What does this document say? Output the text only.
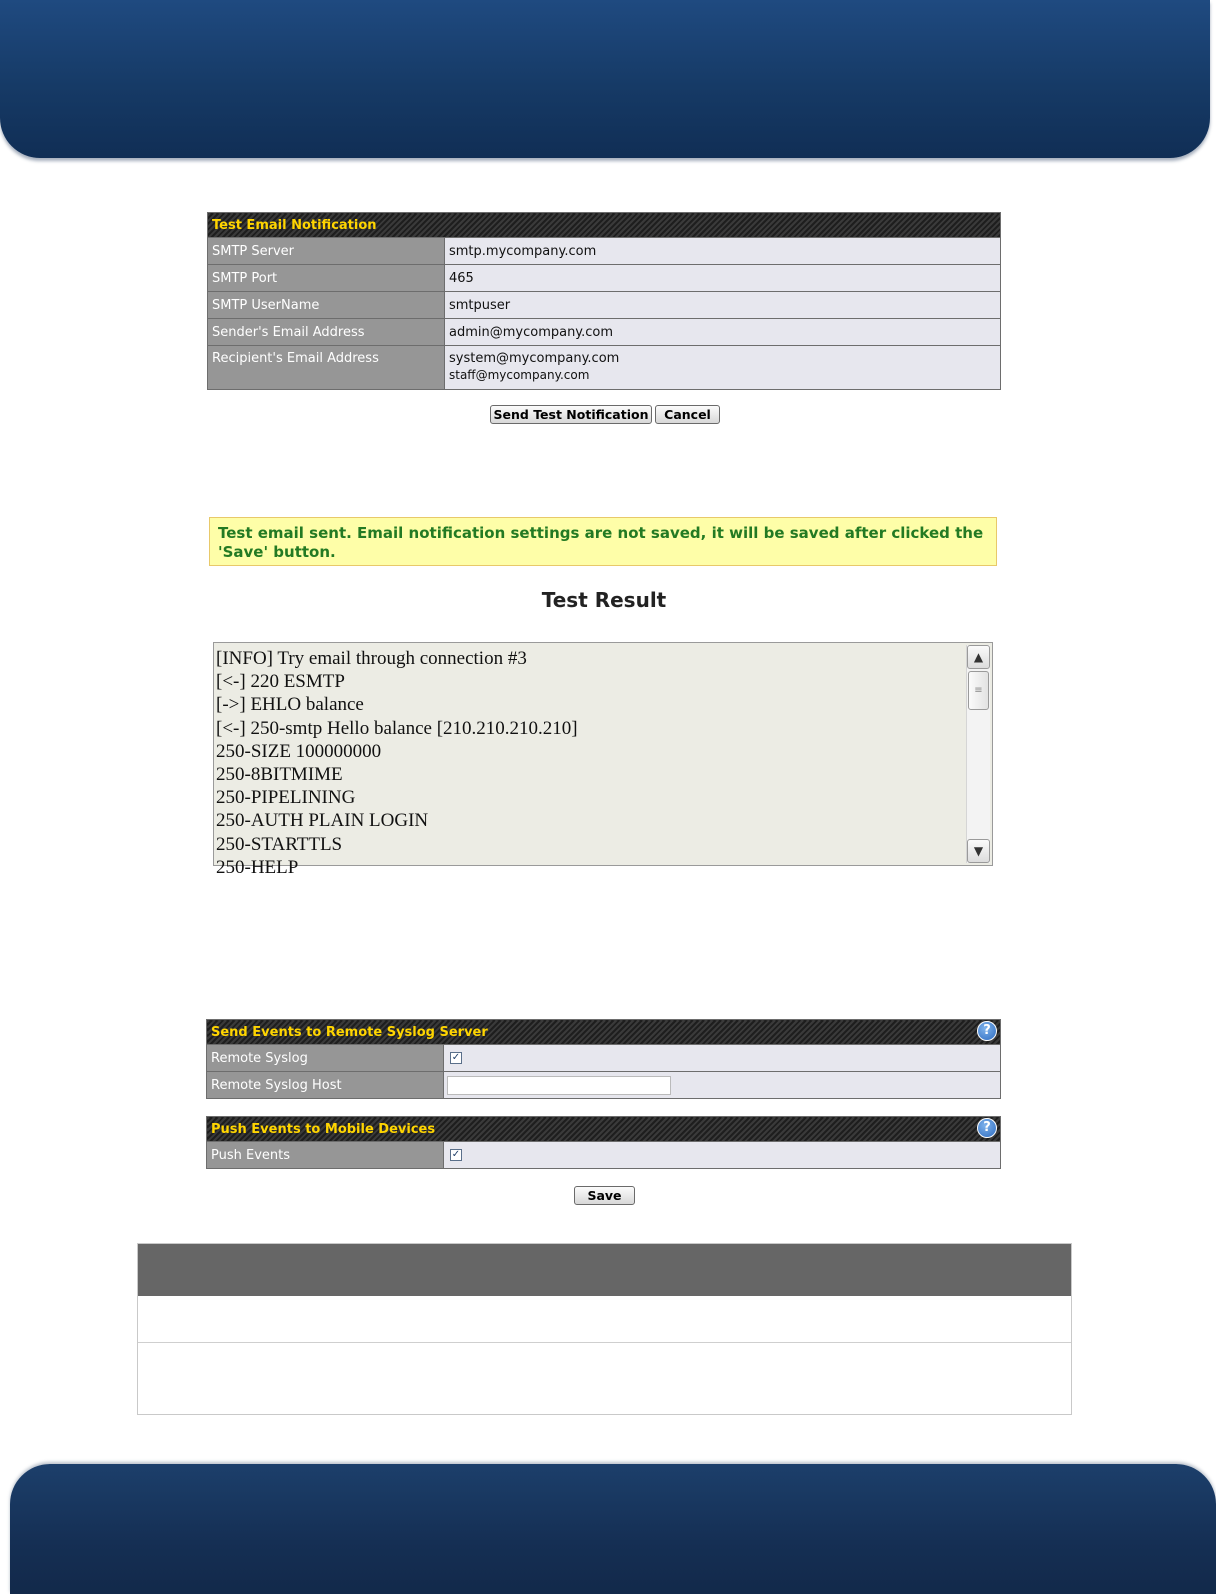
Test Email Notification	
SMTP Server	smtp.mycompany.com
SMTP Port	465
SMTP UserName	smtpuser
Sender's Email Address	admin@mycompany.com
Recipient's Email Address	system@mycompany.com
staff@mycompany.com
Send Test Notification	Cancel
Test email sent. Email notification settings are not saved, it will be saved after clicked the 'Save' button.
Test Result
[INFO] Try email through connection #3
[<-] 220 ESMTP
[->] EHLO balance
[<-] 250-smtp Hello balance [210.210.210.210]
250-SIZE 100000000
250-8BITMIME
250-PIPELINING
250-AUTH PLAIN LOGIN
250-STARTTLS
250-HELP
▲
≡
▼
Send Events to Remote Syslog Server ?	

Remote Syslog	✓
Remote Syslog Host	
Push Events to Mobile Devices	?

Push Events	✓
Save
